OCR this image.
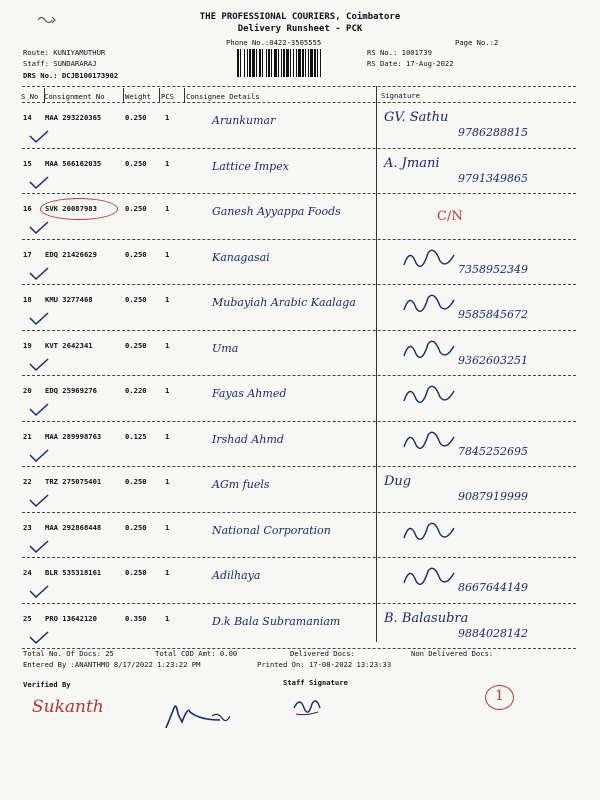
THE PROFESSIONAL COURIERS, Coimbatore
Delivery Runsheet - PCK
Phone No.:0422-3505555	Page No.:2
Route: KUNIYAMUTHUR
Staff: SUNDARARAJ
DRS No.: DCJB100173902
RS No.: 1001739
RS Date: 17-Aug-2022
S No Consignment No	Weight PCS Consignee Details	Signature
14 MAA 293220365	0.250	1	Arunkumar	GV. Sathu
9786288815
15 MAA 566162035	0.250	1	Lattice Impex	A. Jmani
9791349865
16 SVK 20087983	0.250	1	Ganesh Ayyappa Foods	C/N
17 EDQ 21426629	0.250	1	Kanagasai
7358952349
18 KMU 3277468	0.250	1	Mubayiah Arabic Kaalaga
9585845672
19 KVT 2642341	0.250	1	Uma
9362603251
20 EDQ 25969276	0.220	1	Fayas Ahmed
21 MAA 289998763	0.125	1	Irshad Ahmd
7845252695
22 TRZ 275075401	0.250	1	AGm fuels	Dug
9087919999
23 MAA 292868448	0.250	1	National Corporation
24 BLR 535318161	0.250	1	Adilhaya
8667644149
25 PRO 13642120	0.350	1	D.k Bala Subramaniam	B. Balasubra
9884028142
Total No. Of Docs: 25	Total COD Amt: 0.00	Delivered Docs:	Non Delivered Docs:
Entered By :ANANTHMO 8/17/2022 1:23:22 PM	Printed On: 17-08-2022 13:23:33
Verified By	Staff Signature
Sukanth
1
